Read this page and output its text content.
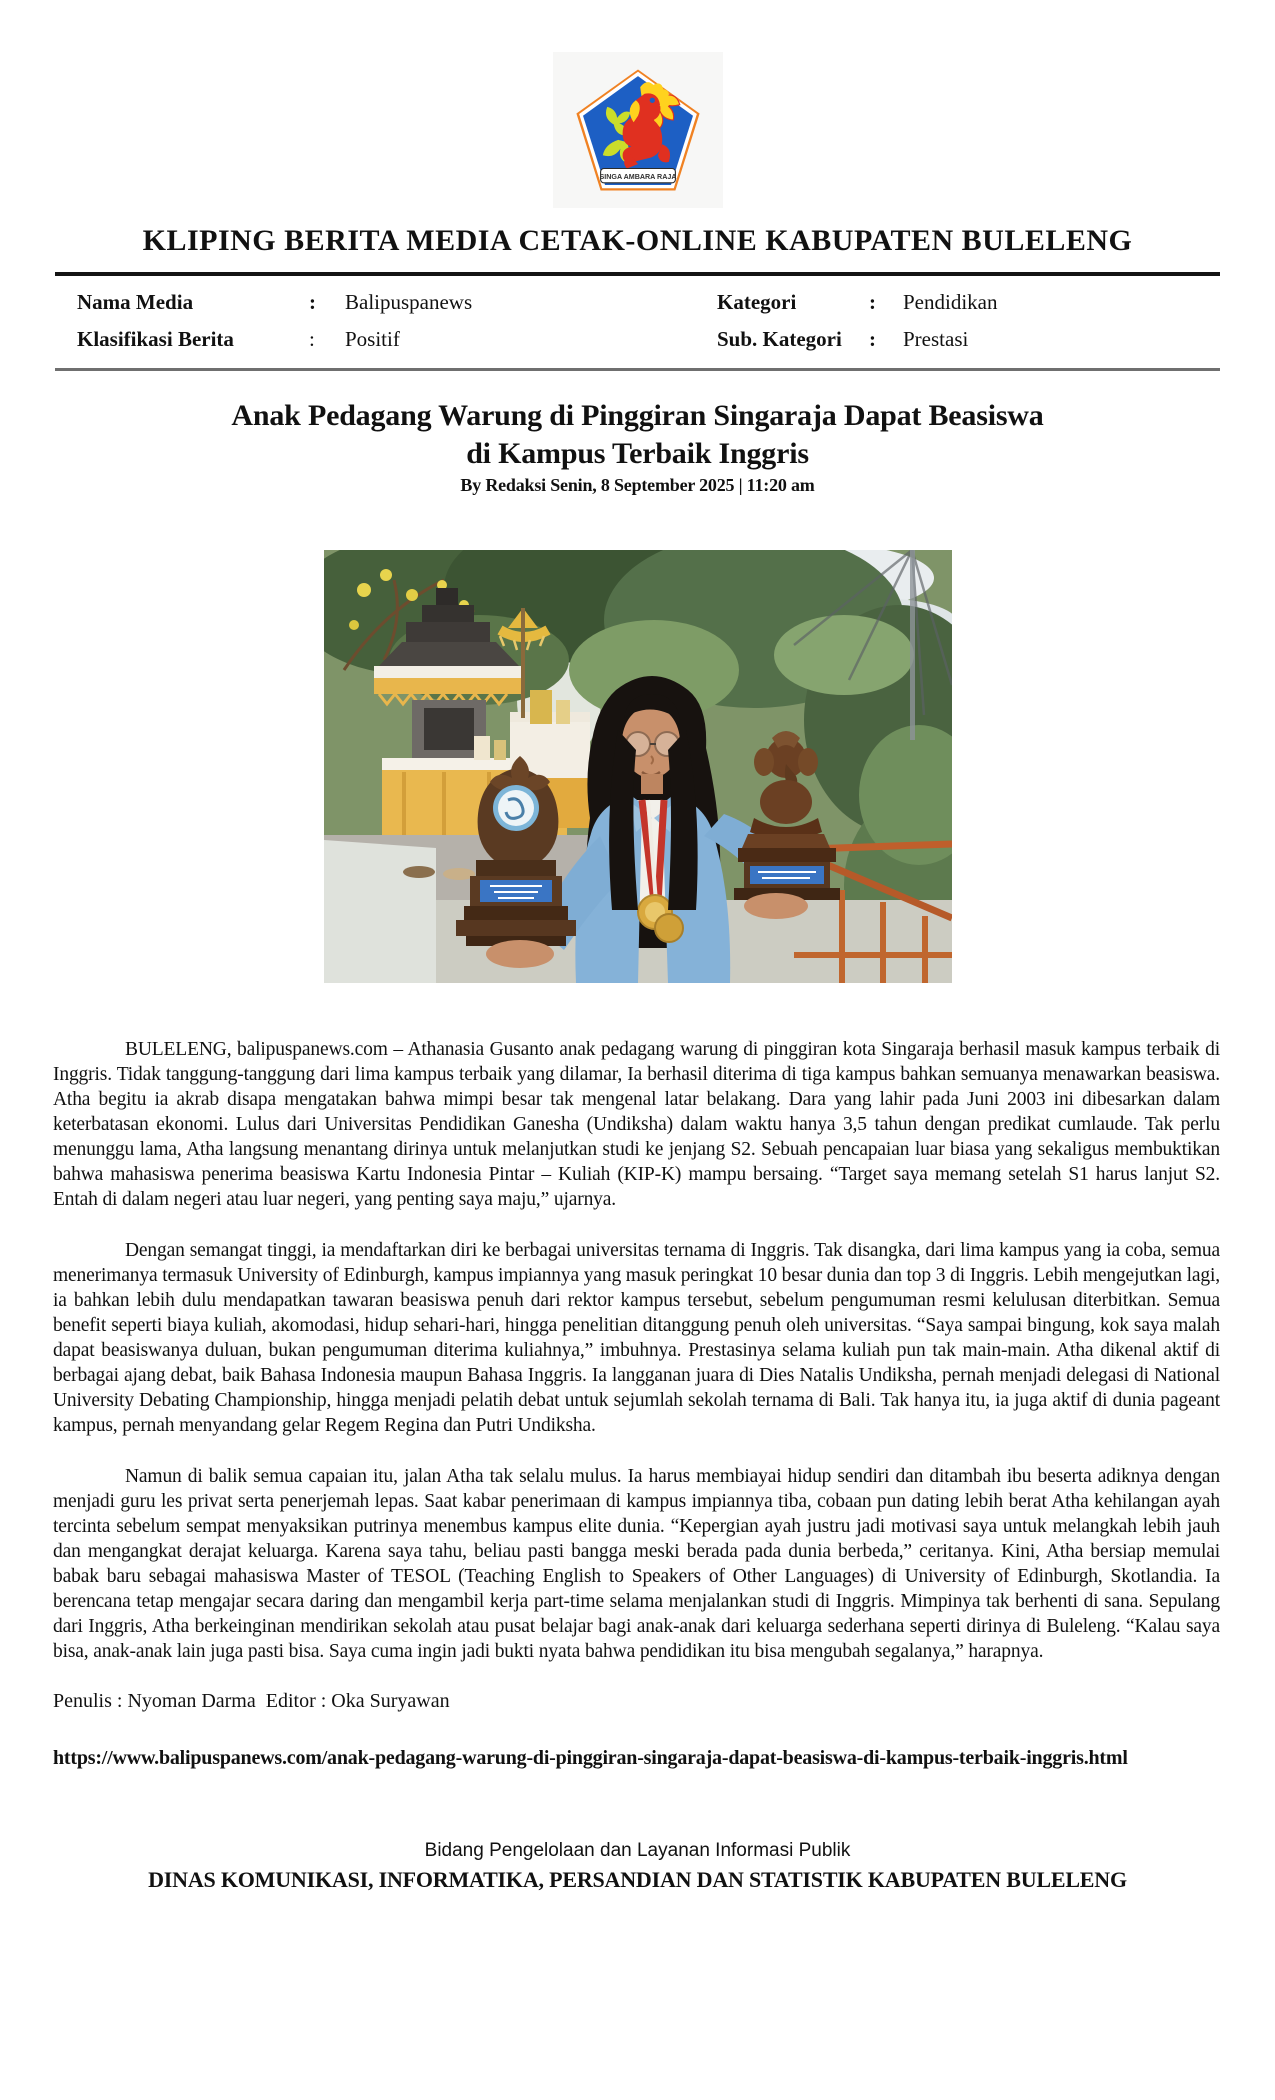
SINGA AMBARA RAJA
KLIPING BERITA MEDIA CETAK-ONLINE KABUPATEN BULELENG
Nama Media	:	Balipuspanews	Kategori	:	Pendidikan
Klasifikasi Berita	:	Positif	Sub. Kategori	:	Prestasi
Anak Pedagang Warung di Pinggiran Singaraja Dapat Beasiswa
di Kampus Terbaik Inggris
By Redaksi Senin, 8 September 2025 | 11:20 am

BULELENG, balipuspanews.com – Athanasia Gusanto anak pedagang warung di pinggiran kota Singaraja berhasil masuk kampus terbaik di Inggris. Tidak tanggung-tanggung dari lima kampus terbaik yang dilamar, Ia berhasil diterima di tiga kampus bahkan semuanya menawarkan beasiswa. Atha begitu ia akrab disapa mengatakan bahwa mimpi besar tak mengenal latar belakang. Dara yang lahir pada Juni 2003 ini dibesarkan dalam keterbatasan ekonomi. Lulus dari Universitas Pendidikan Ganesha (Undiksha) dalam waktu hanya 3,5 tahun dengan predikat cumlaude. Tak perlu menunggu lama, Atha langsung menantang dirinya untuk melanjutkan studi ke jenjang S2. Sebuah pencapaian luar biasa yang sekaligus membuktikan bahwa mahasiswa penerima beasiswa Kartu Indonesia Pintar – Kuliah (KIP-K) mampu bersaing. “Target saya memang setelah S1 harus lanjut S2. Entah di dalam negeri atau luar negeri, yang penting saya maju,” ujarnya.

Dengan semangat tinggi, ia mendaftarkan diri ke berbagai universitas ternama di Inggris. Tak disangka, dari lima kampus yang ia coba, semua menerimanya termasuk University of Edinburgh, kampus impiannya yang masuk peringkat 10 besar dunia dan top 3 di Inggris. Lebih mengejutkan lagi, ia bahkan lebih dulu mendapatkan tawaran beasiswa penuh dari rektor kampus tersebut, sebelum pengumuman resmi kelulusan diterbitkan. Semua benefit seperti biaya kuliah, akomodasi, hidup sehari-hari, hingga penelitian ditanggung penuh oleh universitas. “Saya sampai bingung, kok saya malah dapat beasiswanya duluan, bukan pengumuman diterima kuliahnya,” imbuhnya. Prestasinya selama kuliah pun tak main-main. Atha dikenal aktif di berbagai ajang debat, baik Bahasa Indonesia maupun Bahasa Inggris. Ia langganan juara di Dies Natalis Undiksha, pernah menjadi delegasi di National University Debating Championship, hingga menjadi pelatih debat untuk sejumlah sekolah ternama di Bali. Tak hanya itu, ia juga aktif di dunia pageant kampus, pernah menyandang gelar Regem Regina dan Putri Undiksha.

Namun di balik semua capaian itu, jalan Atha tak selalu mulus. Ia harus membiayai hidup sendiri dan ditambah ibu beserta adiknya dengan menjadi guru les privat serta penerjemah lepas. Saat kabar penerimaan di kampus impiannya tiba, cobaan pun dating lebih berat Atha kehilangan ayah tercinta sebelum sempat menyaksikan putrinya menembus kampus elite dunia. “Kepergian ayah justru jadi motivasi saya untuk melangkah lebih jauh dan mengangkat derajat keluarga. Karena saya tahu, beliau pasti bangga meski berada pada dunia berbeda,” ceritanya. Kini, Atha bersiap memulai babak baru sebagai mahasiswa Master of TESOL (Teaching English to Speakers of Other Languages) di University of Edinburgh, Skotlandia. Ia berencana tetap mengajar secara daring dan mengambil kerja part-time selama menjalankan studi di Inggris. Mimpinya tak berhenti di sana. Sepulang dari Inggris, Atha berkeinginan mendirikan sekolah atau pusat belajar bagi anak-anak dari keluarga sederhana seperti dirinya di Buleleng. “Kalau saya bisa, anak-anak lain juga pasti bisa. Saya cuma ingin jadi bukti nyata bahwa pendidikan itu bisa mengubah segalanya,” harapnya.

Penulis : Nyoman Darma  Editor : Oka Suryawan
https://www.balipuspanews.com/anak-pedagang-warung-di-pinggiran-singaraja-dapat-beasiswa-di-kampus-terbaik-inggris.html
Bidang Pengelolaan dan Layanan Informasi Publik
DINAS KOMUNIKASI, INFORMATIKA, PERSANDIAN DAN STATISTIK KABUPATEN BULELENG
